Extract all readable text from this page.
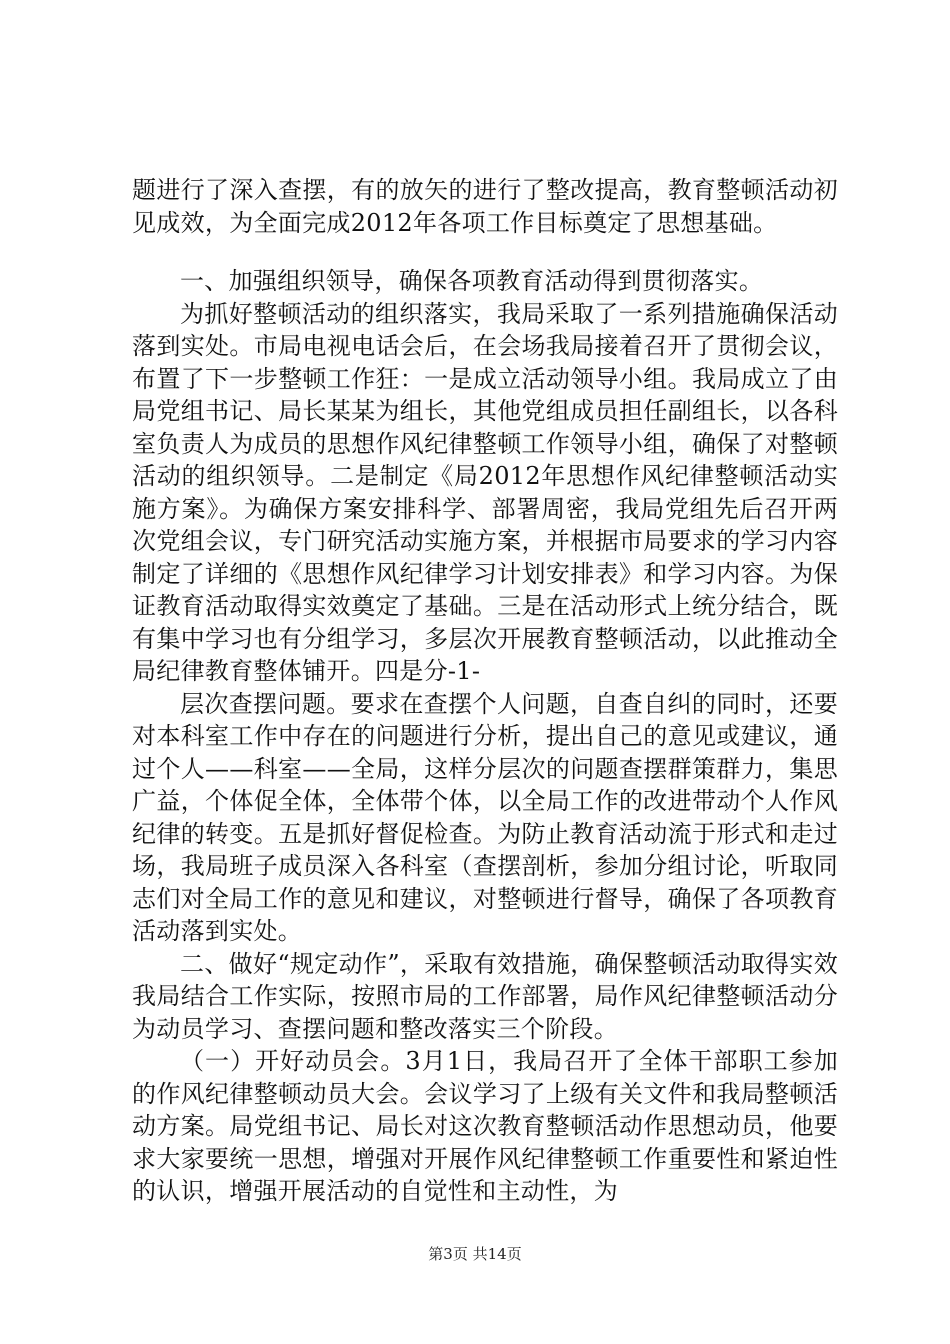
题进行了深入查摆，有的放矢的进行了整改提高，教育整顿活动初见成效，为全面完成2012年各项工作目标奠定了思想基础。

一、加强组织领导，确保各项教育活动得到贯彻落实。

为抓好整顿活动的组织落实，我局采取了一系列措施确保活动落到实处。市局电视电话会后，在会场我局接着召开了贯彻会议，布置了下一步整顿工作狂：一是成立活动领导小组。我局成立了由局党组书记、局长某某为组长，其他党组成员担任副组长，以各科室负责人为成员的思想作风纪律整顿工作领导小组，确保了对整顿活动的组织领导。二是制定《局2012年思想作风纪律整顿活动实施方案》。为确保方案安排科学、部署周密，我局党组先后召开两次党组会议，专门研究活动实施方案，并根据市局要求的学习内容制定了详细的《思想作风纪律学习计划安排表》和学习内容。为保证教育活动取得实效奠定了基础。三是在活动形式上统分结合，既有集中学习也有分组学习，多层次开展教育整顿活动，以此推动全局纪律教育整体铺开。四是分-1-

层次查摆问题。要求在查摆个人问题，自查自纠的同时，还要对本科室工作中存在的问题进行分析，提出自己的意见或建议，通过个人——科室——全局，这样分层次的问题查摆群策群力，集思广益，个体促全体，全体带个体，以全局工作的改进带动个人作风纪律的转变。五是抓好督促检查。为防止教育活动流于形式和走过场，我局班子成员深入各科室（查摆剖析，参加分组讨论，听取同志们对全局工作的意见和建议，对整顿进行督导，确保了各项教育活动落到实处。

二、做好“规定动作”，采取有效措施，确保整顿活动取得实效我局结合工作实际，按照市局的工作部署，局作风纪律整顿活动分为动员学习、查摆问题和整改落实三个阶段。

（一）开好动员会。3月1日，我局召开了全体干部职工参加的作风纪律整顿动员大会。会议学习了上级有关文件和我局整顿活动方案。局党组书记、局长对这次教育整顿活动作思想动员，他要求大家要统一思想，增强对开展作风纪律整顿工作重要性和紧迫性的认识，增强开展活动的自觉性和主动性，为

第3页 共14页
